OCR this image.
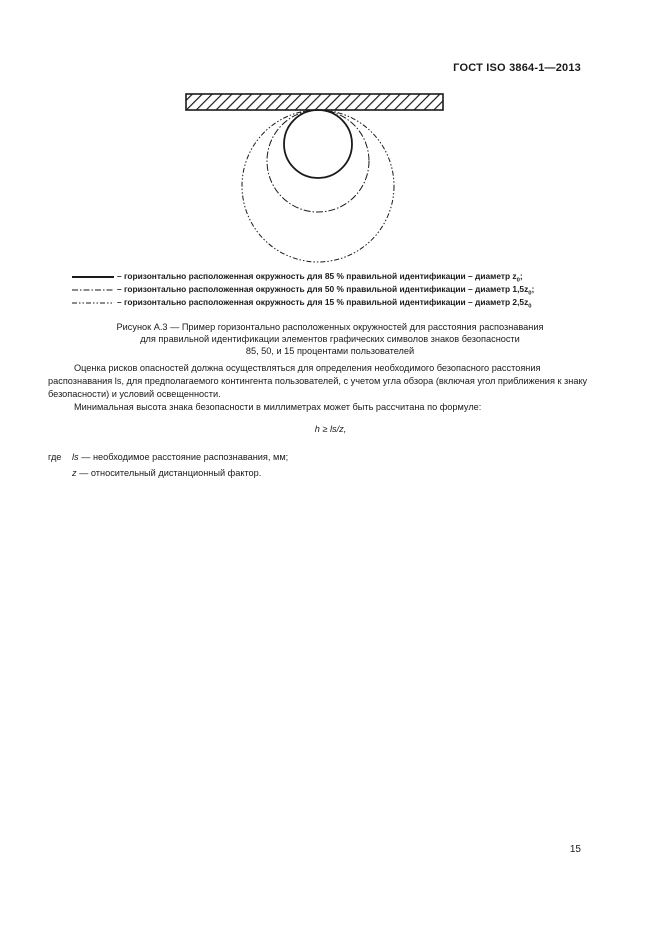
ГОСТ ISO 3864-1—2013
– горизонтально расположенная окружность для 85 % правильной идентификации – диаметр $z_0$;
– горизонтально расположенная окружность для 50 % правильной идентификации – диаметр $1,5z_0$;
– горизонтально расположенная окружность для 15 % правильной идентификации – диаметр $2,5z_0$
Рисунок А.3 — Пример горизонтально расположенных окружностей для расстояния распознавания
для правильной идентификации элементов графических символов знаков безопасности
85, 50, и 15 процентами пользователей
Оценка рисков опасностей должна осуществляться для определения необходимого безопасного расстояния распознавания ls, для предполагаемого контингента пользователей, с учетом угла обзора (включая угол приближения к знаку безопасности) и условий освещенности.
Минимальная высота знака безопасности в миллиметрах может быть рассчитана по формуле:
h ≥ ls/z,
где ls — необходимое расстояние распознавания, мм;
z — относительный дистанционный фактор.
15
